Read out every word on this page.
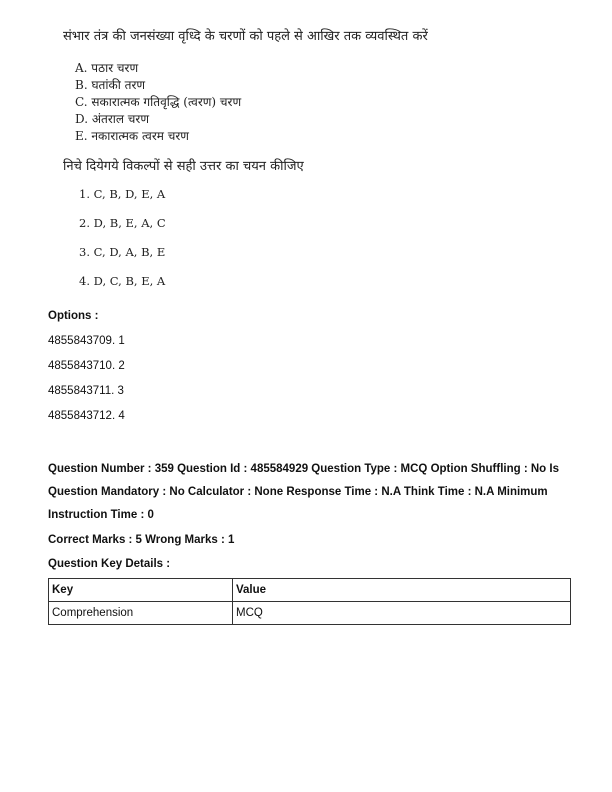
संभार तंत्र की जनसंख्या वृध्दि के चरणों को पहले से आखिर तक व्यवस्थित करें
A. पठार चरण
B. घतांकी तरण
C. सकारात्मक गतिवृद्धि (त्वरण) चरण
D. अंतराल चरण
E. नकारात्मक त्वरम चरण
निचे दियेगये विकल्पों से सही उत्तर का चयन कीजिए
1. C, B, D, E, A
2. D, B, E, A, C
3. C, D, A, B, E
4. D, C, B, E, A
Options :
4855843709. 1
4855843710. 2
4855843711. 3
4855843712. 4
Question Number : 359 Question Id : 485584929 Question Type : MCQ Option Shuffling : No Is
Question Mandatory : No Calculator : None Response Time : N.A Think Time : N.A Minimum
Instruction Time : 0
Correct Marks : 5 Wrong Marks : 1
Question Key Details :
Key	Value
Comprehension	MCQ
